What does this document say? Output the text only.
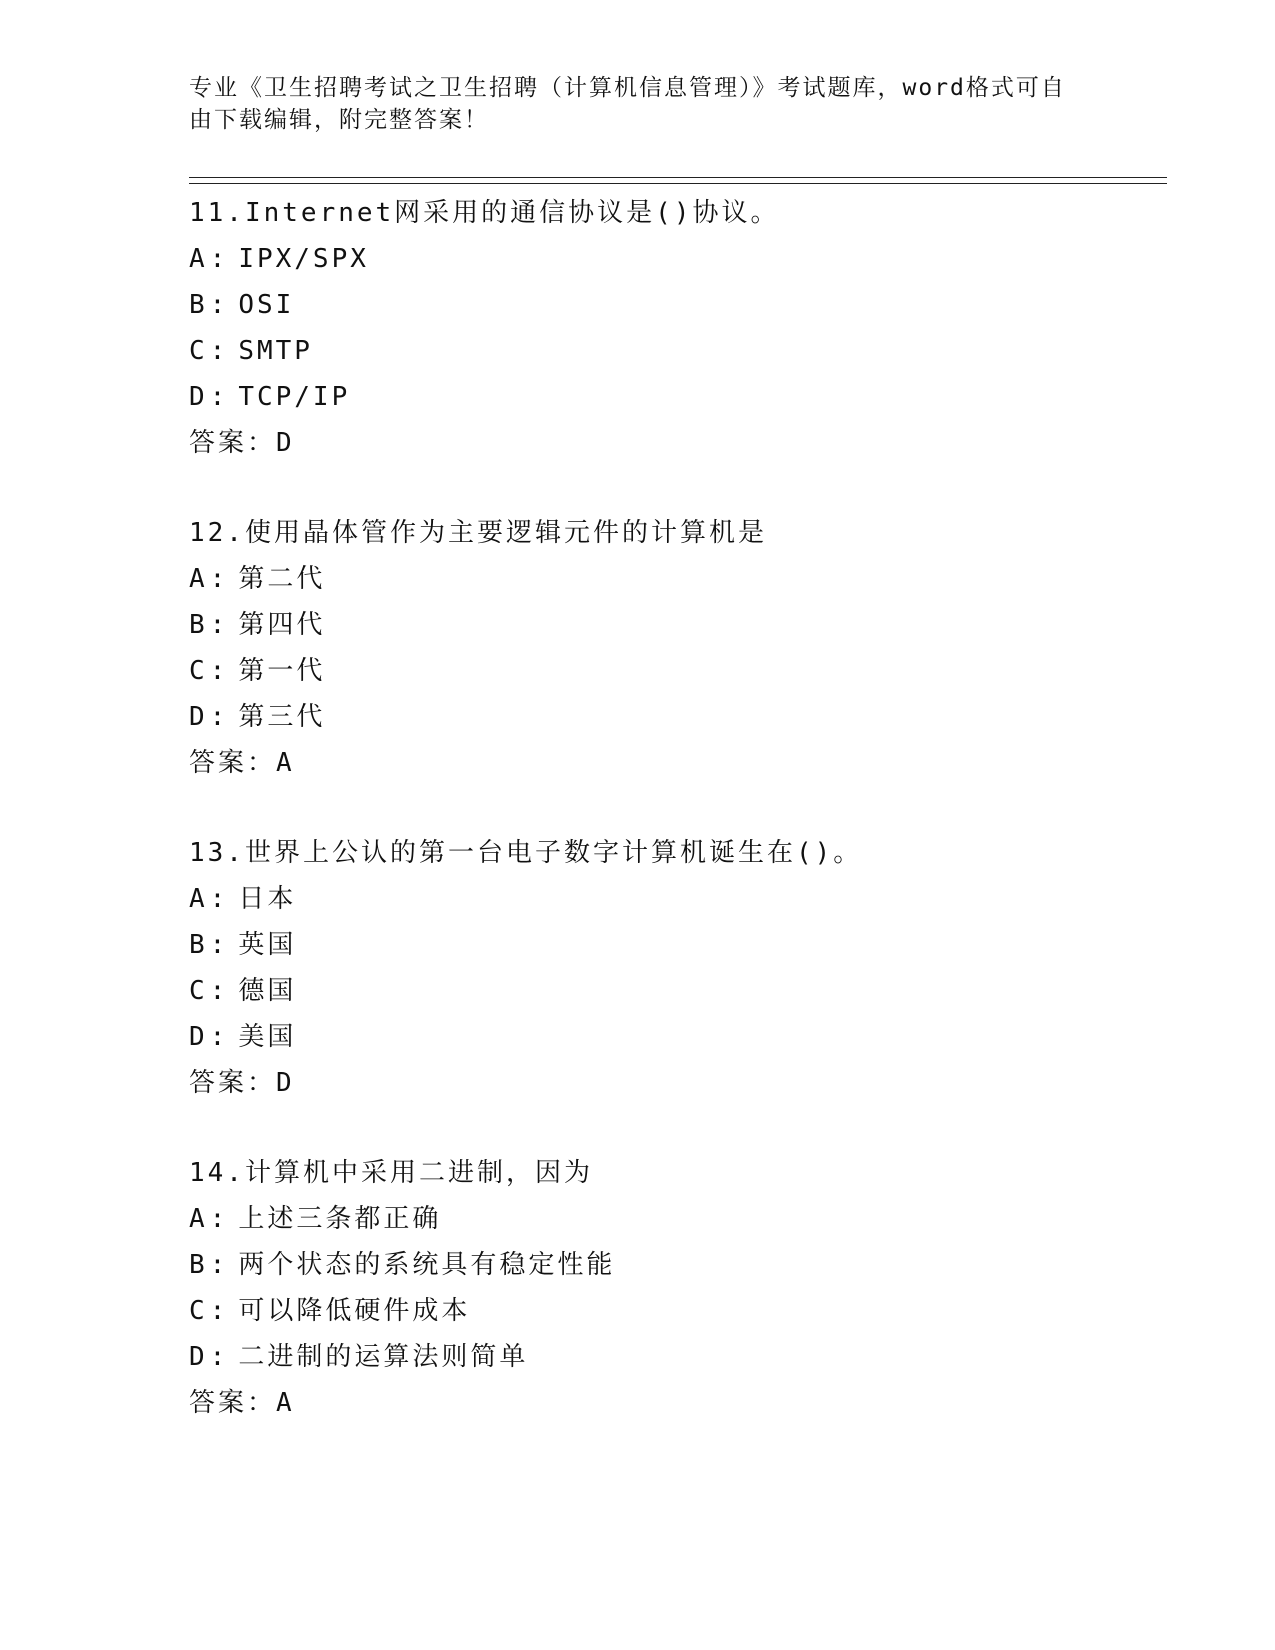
专业《卫生招聘考试之卫生招聘（计算机信息管理）》考试题库，word格式可自
由下载编辑，附完整答案！
11.Internet网采用的通信协议是()协议。
A: IPX/SPX
B: OSI
C: SMTP
D: TCP/IP
答案：D
12.使用晶体管作为主要逻辑元件的计算机是
A: 第二代
B: 第四代
C: 第一代
D: 第三代
答案：A
13.世界上公认的第一台电子数字计算机诞生在()。
A: 日本
B: 英国
C: 德国
D: 美国
答案：D
14.计算机中采用二进制，因为
A: 上述三条都正确
B: 两个状态的系统具有稳定性能
C: 可以降低硬件成本
D: 二进制的运算法则简单
答案：A
